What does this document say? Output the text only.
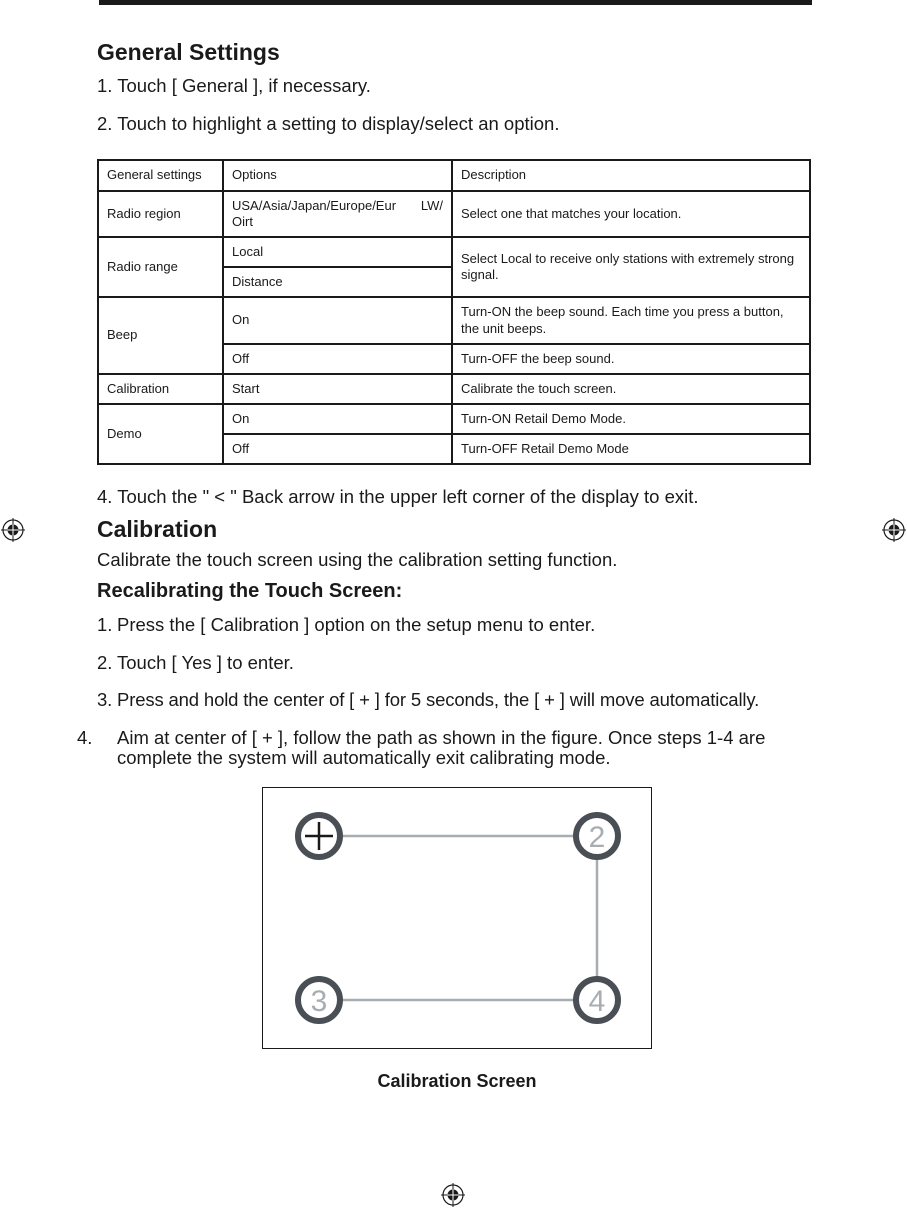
General Settings

1. Touch [ General ], if necessary.

2. Touch to highlight a setting to display/select an option.

General settings	Options	Description
Radio region	USA/Asia/Japan/Europe/Eur LW/ Oirt	Select one that matches your location.
Radio range	Local	Select Local to receive only stations with extremely strong signal.
	Distance	
Beep	On	Turn-ON the beep sound. Each time you press a button, the unit beeps.
	Off	Turn-OFF the beep sound.
Calibration	Start	Calibrate the touch screen.
Demo	On	Turn-ON Retail Demo Mode.
	Off	Turn-OFF Retail Demo Mode

4. Touch the " < " Back arrow in the upper left corner of the display to exit.

Calibration

Calibrate the touch screen using the calibration setting function.

Recalibrating the Touch Screen:

1. Press the [ Calibration ] option on the setup menu to enter.

2. Touch [ Yes ] to enter.

3. Press and hold the center of [ + ] for 5 seconds, the [ + ] will move automatically.

4. Aim at center of [ + ], follow the path as shown in the figure. Once steps 1-4 are complete the system will automatically exit calibrating mode.

2
3	4
Calibration Screen
